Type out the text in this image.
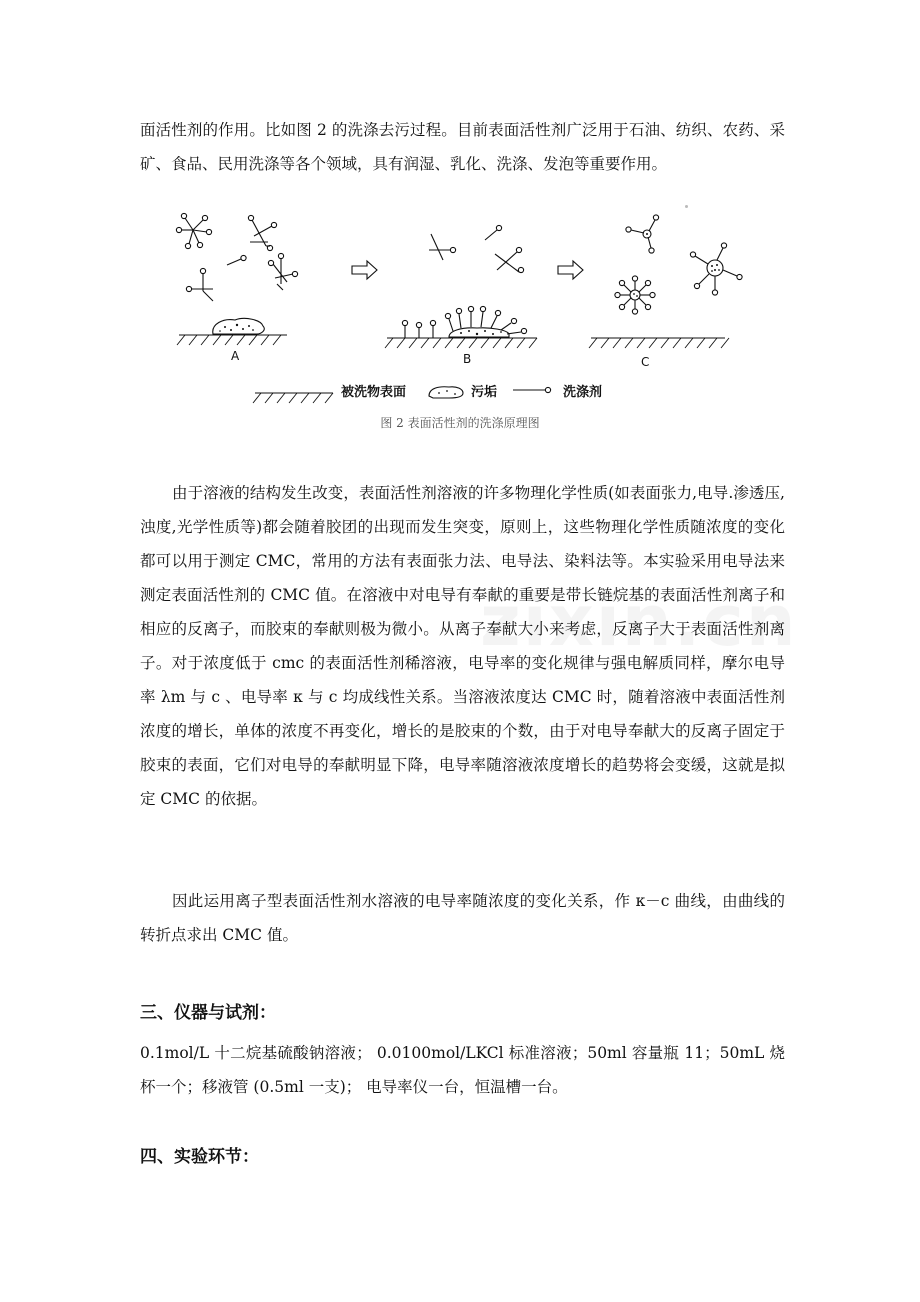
面活性剂的作用。比如图 2 的洗涤去污过程。目前表面活性剂广泛用于石油、纺织、农药、采矿、食品、民用洗涤等各个领域，具有润湿、乳化、洗涤、发泡等重要作用。

A	B	C
被洗物表面	污垢	洗涤剂
图 2 表面活性剂的洗涤原理图

由于溶液的结构发生改变，表面活性剂溶液的许多物理化学性质(如表面张力,电导.渗透压,浊度,光学性质等)都会随着胶团的出现而发生突变，原则上，这些物理化学性质随浓度的变化都可以用于测定 CMC，常用的方法有表面张力法、电导法、染料法等。本实验采用电导法来测定表面活性剂的 CMC 值。在溶液中对电导有奉献的重要是带长链烷基的表面活性剂离子和相应的反离子，而胶束的奉献则极为微小。从离子奉献大小来考虑，反离子大于表面活性剂离子。对于浓度低于 cmc 的表面活性剂稀溶液，电导率的变化规律与强电解质同样，摩尔电导率 λm 与 c 、电导率 κ 与 c 均成线性关系。当溶液浓度达 CMC 时，随着溶液中表面活性剂浓度的增长，单体的浓度不再变化，增长的是胶束的个数，由于对电导奉献大的反离子固定于胶束的表面，它们对电导的奉献明显下降，电导率随溶液浓度增长的趋势将会变缓，这就是拟定 CMC 的依据。

因此运用离子型表面活性剂水溶液的电导率随浓度的变化关系，作 κ－c 曲线，由曲线的转折点求出 CMC 值。

三、仪器与试剂：

0.1mol/L 十二烷基硫酸钠溶液； 0.0100mol/LKCl 标准溶液；50ml 容量瓶 11；50mL 烧杯一个；移液管 (0.5ml 一支)； 电导率仪一台，恒温槽一台。

四、实验环节：
